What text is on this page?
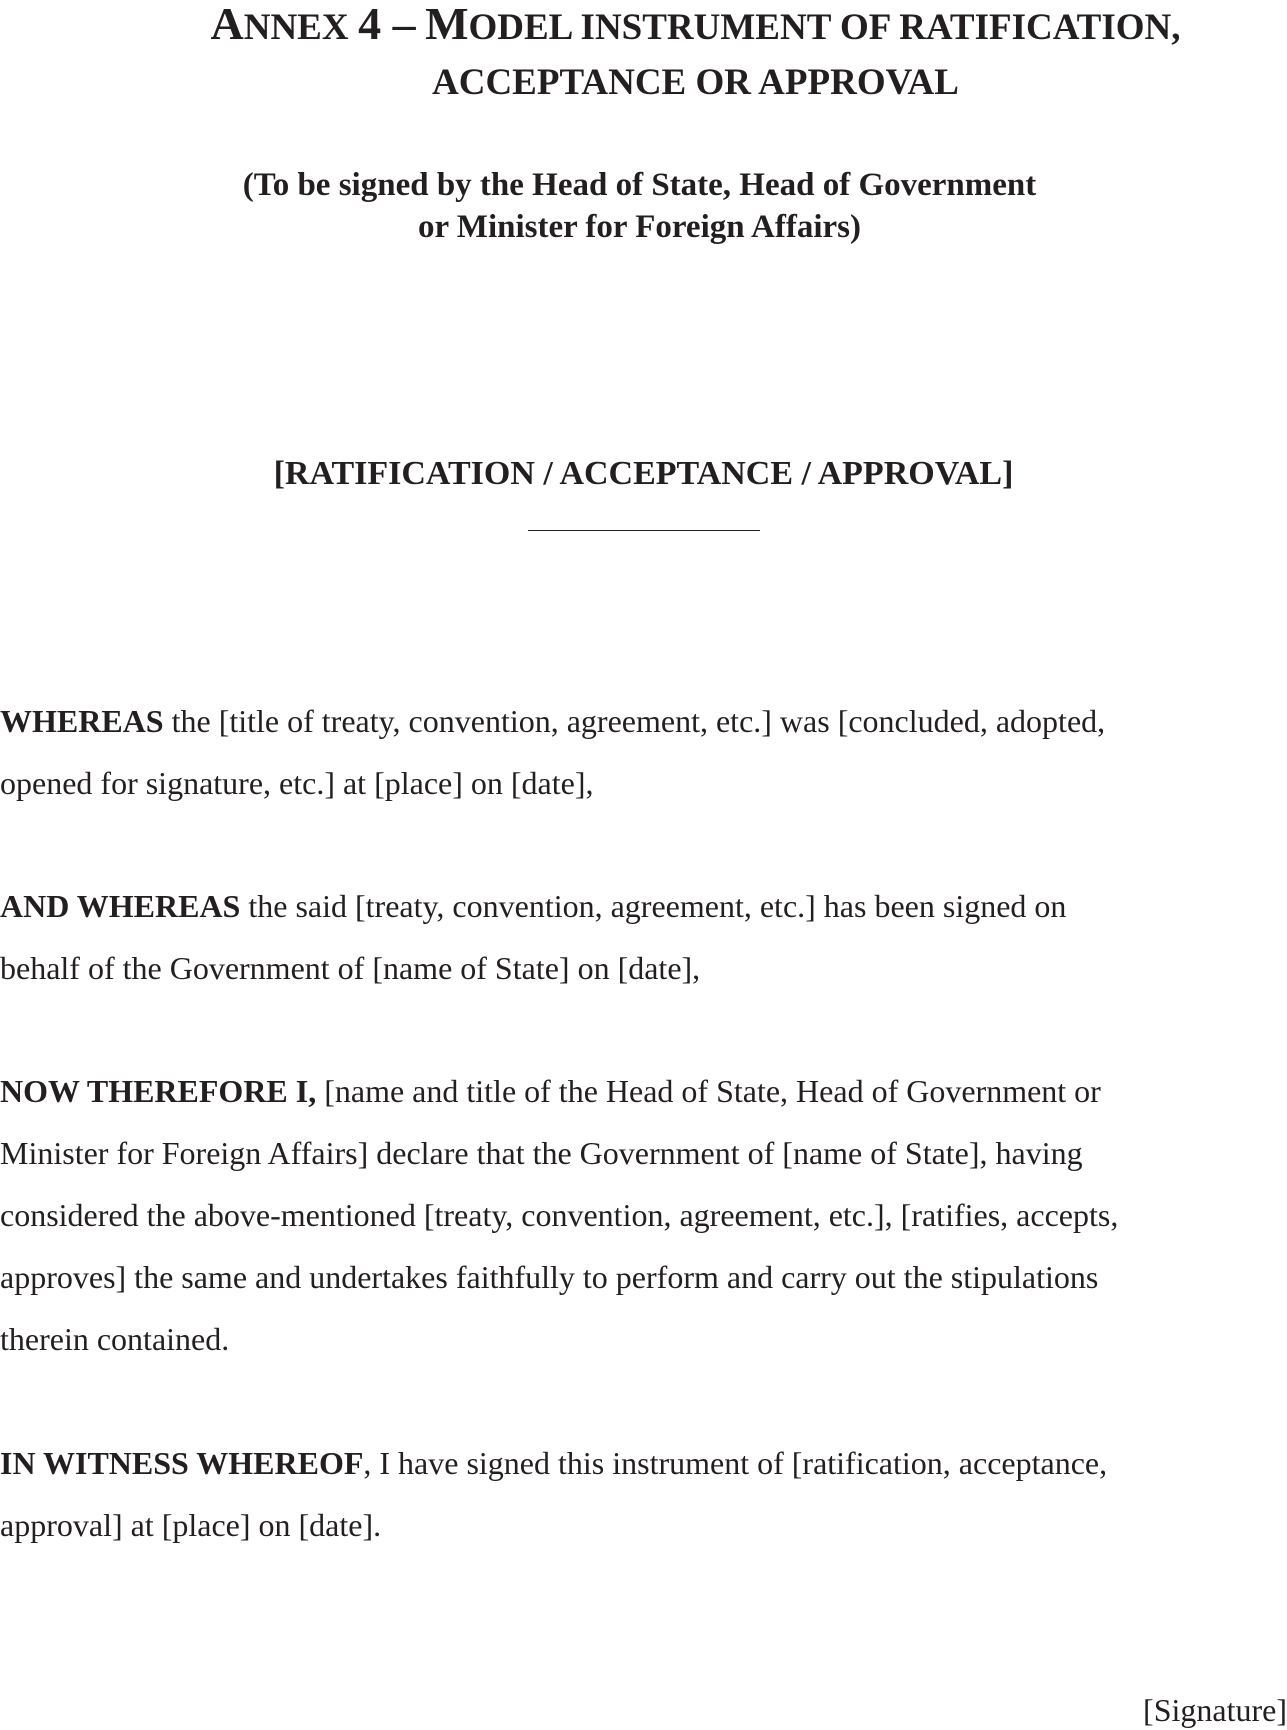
ANNEX 4 – MODEL INSTRUMENT OF RATIFICATION,
ACCEPTANCE OR APPROVAL

(To be signed by the Head of State, Head of Government
or Minister for Foreign Affairs)

[RATIFICATION / ACCEPTANCE / APPROVAL]

WHEREAS the [title of treaty, convention, agreement, etc.] was [concluded, adopted,
opened for signature, etc.] at [place] on [date],

AND WHEREAS the said [treaty, convention, agreement, etc.] has been signed on
behalf of the Government of [name of State] on [date],

NOW THEREFORE I, [name and title of the Head of State, Head of Government or
Minister for Foreign Affairs] declare that the Government of [name of State], having
considered the above-mentioned [treaty, convention, agreement, etc.], [ratifies, accepts,
approves] the same and undertakes faithfully to perform and carry out the stipulations
therein contained.

IN WITNESS WHEREOF, I have signed this instrument of [ratification, acceptance,
approval] at [place] on [date].

[Signature]
